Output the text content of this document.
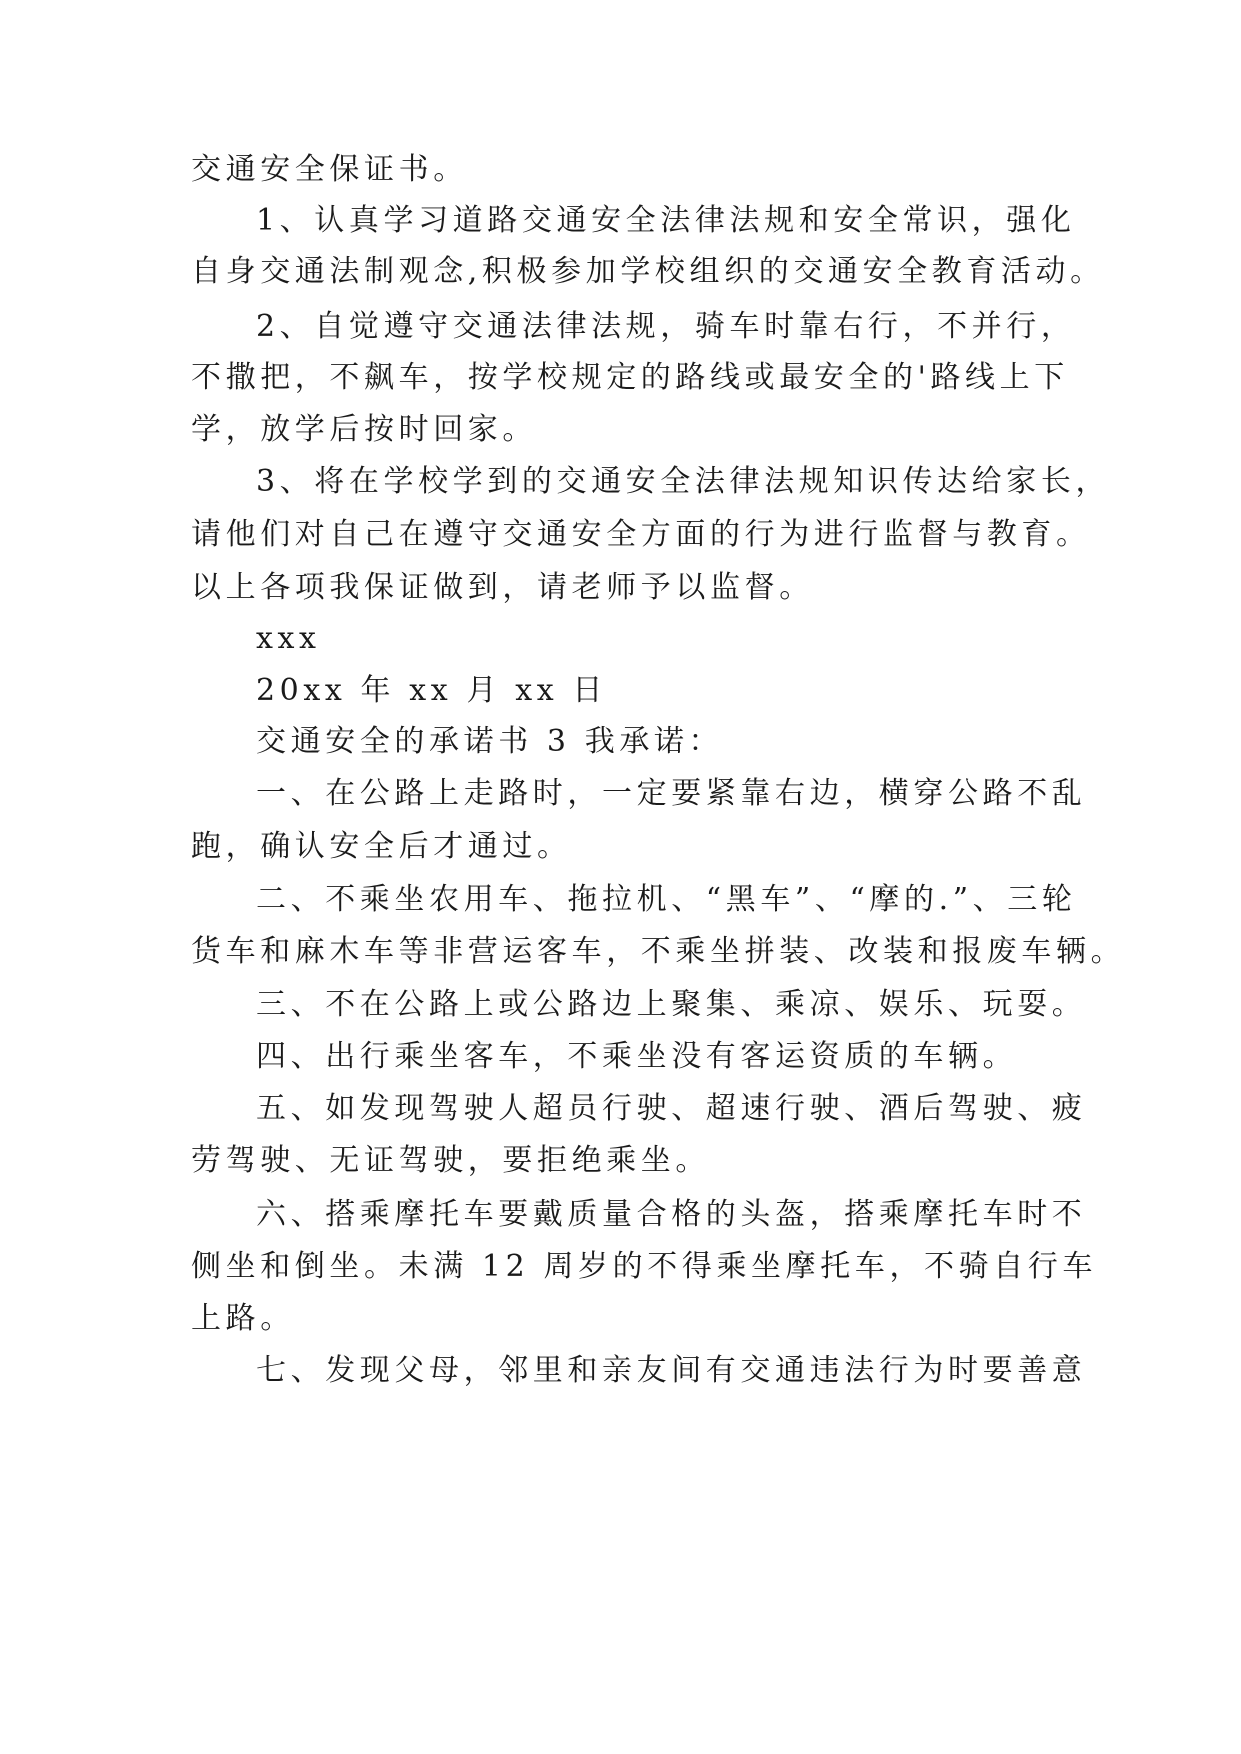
交通安全保证书。
1、认真学习道路交通安全法律法规和安全常识，强化
自身交通法制观念,积极参加学校组织的交通安全教育活动。
2、自觉遵守交通法律法规，骑车时靠右行，不并行，
不撒把，不飙车，按学校规定的路线或最安全的'路线上下
学，放学后按时回家。
3、将在学校学到的交通安全法律法规知识传达给家长，
请他们对自己在遵守交通安全方面的行为进行监督与教育。
以上各项我保证做到，请老师予以监督。
xxx
20xx 年 xx 月 xx 日
交通安全的承诺书 3 我承诺：
一、在公路上走路时，一定要紧靠右边，横穿公路不乱
跑，确认安全后才通过。
二、不乘坐农用车、拖拉机、“黑车”、“摩的.”、三轮
货车和麻木车等非营运客车，不乘坐拼装、改装和报废车辆。
三、不在公路上或公路边上聚集、乘凉、娱乐、玩耍。
四、出行乘坐客车，不乘坐没有客运资质的车辆。
五、如发现驾驶人超员行驶、超速行驶、酒后驾驶、疲
劳驾驶、无证驾驶，要拒绝乘坐。
六、搭乘摩托车要戴质量合格的头盔，搭乘摩托车时不
侧坐和倒坐。未满 12 周岁的不得乘坐摩托车，不骑自行车
上路。
七、发现父母，邻里和亲友间有交通违法行为时要善意
